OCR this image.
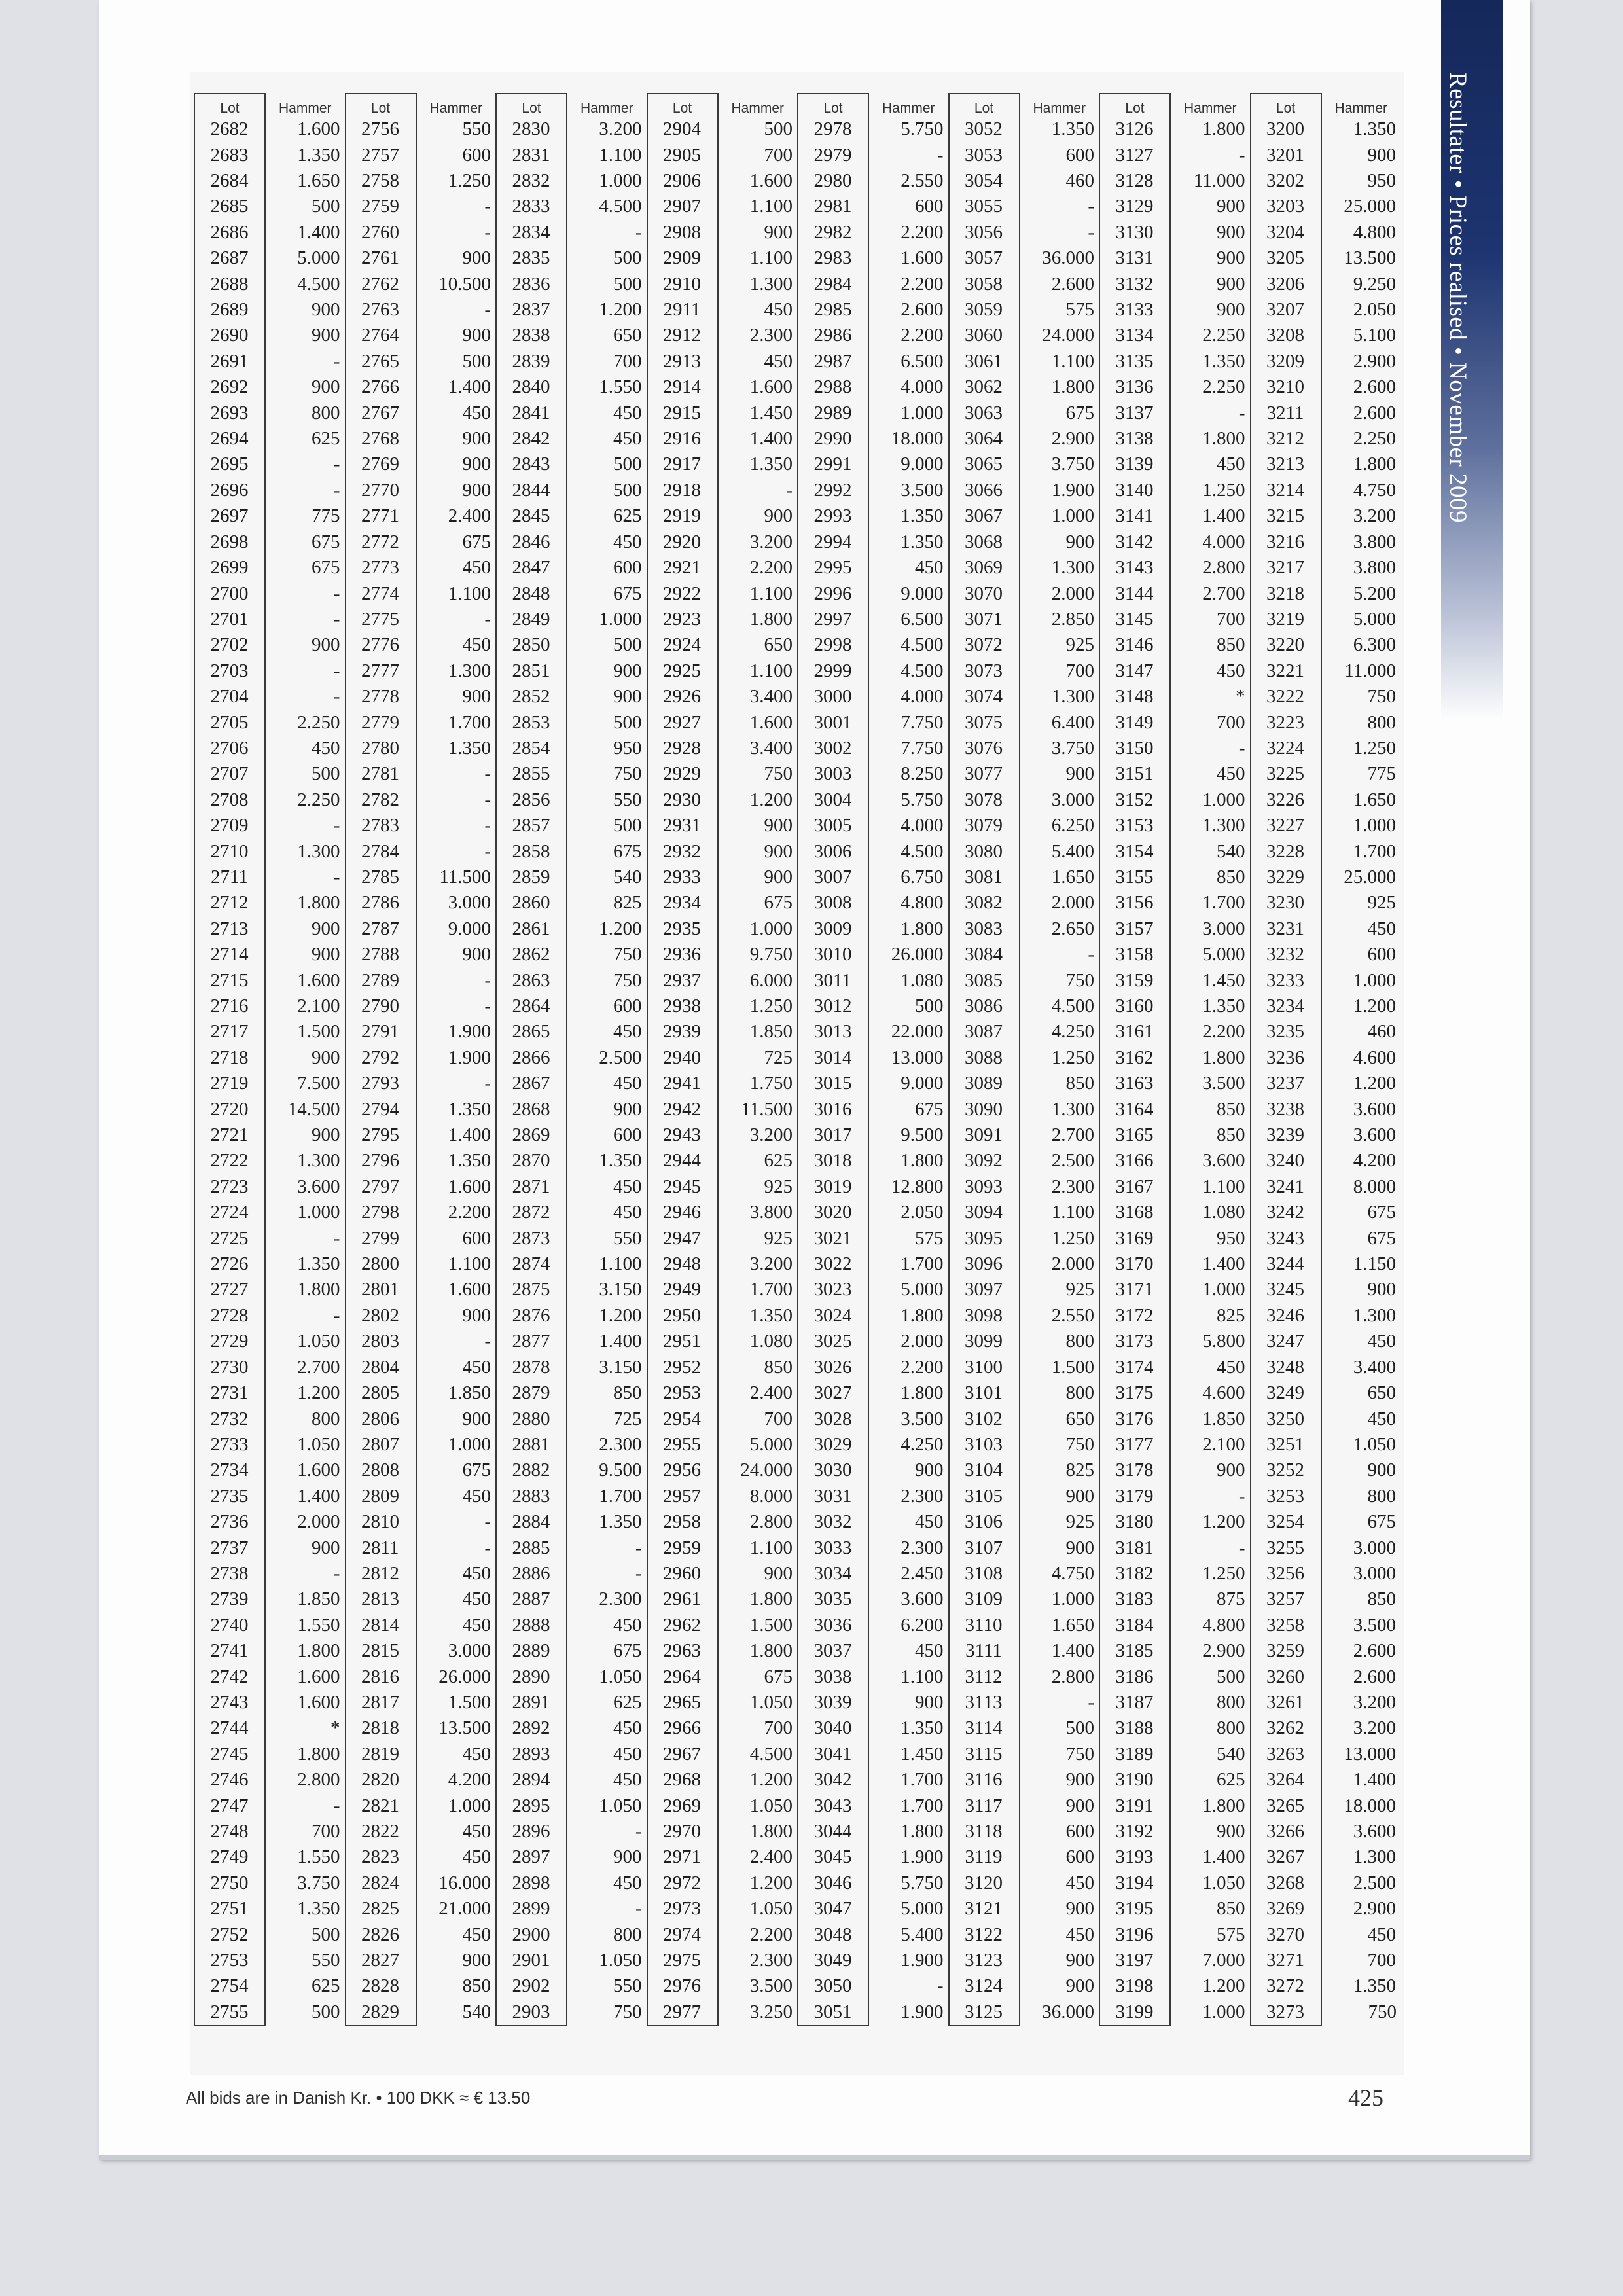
Resultater • Prices realised • November 2009
Lot	Hammer	Lot	Hammer	Lot	Hammer	Lot	Hammer	Lot	Hammer	Lot	Hammer	Lot	Hammer	Lot	Hammer
2682	1.600	2756	550	2830	3.200	2904	500	2978	5.750	3052	1.350	3126	1.800	3200	1.350
2683	1.350	2757	600	2831	1.100	2905	700	2979	-	3053	600	3127	-	3201	900
2684	1.650	2758	1.250	2832	1.000	2906	1.600	2980	2.550	3054	460	3128	11.000	3202	950
2685	500	2759	-	2833	4.500	2907	1.100	2981	600	3055	-	3129	900	3203	25.000
2686	1.400	2760	-	2834	-	2908	900	2982	2.200	3056	-	3130	900	3204	4.800
2687	5.000	2761	900	2835	500	2909	1.100	2983	1.600	3057	36.000	3131	900	3205	13.500
2688	4.500	2762	10.500	2836	500	2910	1.300	2984	2.200	3058	2.600	3132	900	3206	9.250
2689	900	2763	-	2837	1.200	2911	450	2985	2.600	3059	575	3133	900	3207	2.050
2690	900	2764	900	2838	650	2912	2.300	2986	2.200	3060	24.000	3134	2.250	3208	5.100
2691	-	2765	500	2839	700	2913	450	2987	6.500	3061	1.100	3135	1.350	3209	2.900
2692	900	2766	1.400	2840	1.550	2914	1.600	2988	4.000	3062	1.800	3136	2.250	3210	2.600
2693	800	2767	450	2841	450	2915	1.450	2989	1.000	3063	675	3137	-	3211	2.600
2694	625	2768	900	2842	450	2916	1.400	2990	18.000	3064	2.900	3138	1.800	3212	2.250
2695	-	2769	900	2843	500	2917	1.350	2991	9.000	3065	3.750	3139	450	3213	1.800
2696	-	2770	900	2844	500	2918	-	2992	3.500	3066	1.900	3140	1.250	3214	4.750
2697	775	2771	2.400	2845	625	2919	900	2993	1.350	3067	1.000	3141	1.400	3215	3.200
2698	675	2772	675	2846	450	2920	3.200	2994	1.350	3068	900	3142	4.000	3216	3.800
2699	675	2773	450	2847	600	2921	2.200	2995	450	3069	1.300	3143	2.800	3217	3.800
2700	-	2774	1.100	2848	675	2922	1.100	2996	9.000	3070	2.000	3144	2.700	3218	5.200
2701	-	2775	-	2849	1.000	2923	1.800	2997	6.500	3071	2.850	3145	700	3219	5.000
2702	900	2776	450	2850	500	2924	650	2998	4.500	3072	925	3146	850	3220	6.300
2703	-	2777	1.300	2851	900	2925	1.100	2999	4.500	3073	700	3147	450	3221	11.000
2704	-	2778	900	2852	900	2926	3.400	3000	4.000	3074	1.300	3148	*	3222	750
2705	2.250	2779	1.700	2853	500	2927	1.600	3001	7.750	3075	6.400	3149	700	3223	800
2706	450	2780	1.350	2854	950	2928	3.400	3002	7.750	3076	3.750	3150	-	3224	1.250
2707	500	2781	-	2855	750	2929	750	3003	8.250	3077	900	3151	450	3225	775
2708	2.250	2782	-	2856	550	2930	1.200	3004	5.750	3078	3.000	3152	1.000	3226	1.650
2709	-	2783	-	2857	500	2931	900	3005	4.000	3079	6.250	3153	1.300	3227	1.000
2710	1.300	2784	-	2858	675	2932	900	3006	4.500	3080	5.400	3154	540	3228	1.700
2711	-	2785	11.500	2859	540	2933	900	3007	6.750	3081	1.650	3155	850	3229	25.000
2712	1.800	2786	3.000	2860	825	2934	675	3008	4.800	3082	2.000	3156	1.700	3230	925
2713	900	2787	9.000	2861	1.200	2935	1.000	3009	1.800	3083	2.650	3157	3.000	3231	450
2714	900	2788	900	2862	750	2936	9.750	3010	26.000	3084	-	3158	5.000	3232	600
2715	1.600	2789	-	2863	750	2937	6.000	3011	1.080	3085	750	3159	1.450	3233	1.000
2716	2.100	2790	-	2864	600	2938	1.250	3012	500	3086	4.500	3160	1.350	3234	1.200
2717	1.500	2791	1.900	2865	450	2939	1.850	3013	22.000	3087	4.250	3161	2.200	3235	460
2718	900	2792	1.900	2866	2.500	2940	725	3014	13.000	3088	1.250	3162	1.800	3236	4.600
2719	7.500	2793	-	2867	450	2941	1.750	3015	9.000	3089	850	3163	3.500	3237	1.200
2720	14.500	2794	1.350	2868	900	2942	11.500	3016	675	3090	1.300	3164	850	3238	3.600
2721	900	2795	1.400	2869	600	2943	3.200	3017	9.500	3091	2.700	3165	850	3239	3.600
2722	1.300	2796	1.350	2870	1.350	2944	625	3018	1.800	3092	2.500	3166	3.600	3240	4.200
2723	3.600	2797	1.600	2871	450	2945	925	3019	12.800	3093	2.300	3167	1.100	3241	8.000
2724	1.000	2798	2.200	2872	450	2946	3.800	3020	2.050	3094	1.100	3168	1.080	3242	675
2725	-	2799	600	2873	550	2947	925	3021	575	3095	1.250	3169	950	3243	675
2726	1.350	2800	1.100	2874	1.100	2948	3.200	3022	1.700	3096	2.000	3170	1.400	3244	1.150
2727	1.800	2801	1.600	2875	3.150	2949	1.700	3023	5.000	3097	925	3171	1.000	3245	900
2728	-	2802	900	2876	1.200	2950	1.350	3024	1.800	3098	2.550	3172	825	3246	1.300
2729	1.050	2803	-	2877	1.400	2951	1.080	3025	2.000	3099	800	3173	5.800	3247	450
2730	2.700	2804	450	2878	3.150	2952	850	3026	2.200	3100	1.500	3174	450	3248	3.400
2731	1.200	2805	1.850	2879	850	2953	2.400	3027	1.800	3101	800	3175	4.600	3249	650
2732	800	2806	900	2880	725	2954	700	3028	3.500	3102	650	3176	1.850	3250	450
2733	1.050	2807	1.000	2881	2.300	2955	5.000	3029	4.250	3103	750	3177	2.100	3251	1.050
2734	1.600	2808	675	2882	9.500	2956	24.000	3030	900	3104	825	3178	900	3252	900
2735	1.400	2809	450	2883	1.700	2957	8.000	3031	2.300	3105	900	3179	-	3253	800
2736	2.000	2810	-	2884	1.350	2958	2.800	3032	450	3106	925	3180	1.200	3254	675
2737	900	2811	-	2885	-	2959	1.100	3033	2.300	3107	900	3181	-	3255	3.000
2738	-	2812	450	2886	-	2960	900	3034	2.450	3108	4.750	3182	1.250	3256	3.000
2739	1.850	2813	450	2887	2.300	2961	1.800	3035	3.600	3109	1.000	3183	875	3257	850
2740	1.550	2814	450	2888	450	2962	1.500	3036	6.200	3110	1.650	3184	4.800	3258	3.500
2741	1.800	2815	3.000	2889	675	2963	1.800	3037	450	3111	1.400	3185	2.900	3259	2.600
2742	1.600	2816	26.000	2890	1.050	2964	675	3038	1.100	3112	2.800	3186	500	3260	2.600
2743	1.600	2817	1.500	2891	625	2965	1.050	3039	900	3113	-	3187	800	3261	3.200
2744	*	2818	13.500	2892	450	2966	700	3040	1.350	3114	500	3188	800	3262	3.200
2745	1.800	2819	450	2893	450	2967	4.500	3041	1.450	3115	750	3189	540	3263	13.000
2746	2.800	2820	4.200	2894	450	2968	1.200	3042	1.700	3116	900	3190	625	3264	1.400
2747	-	2821	1.000	2895	1.050	2969	1.050	3043	1.700	3117	900	3191	1.800	3265	18.000
2748	700	2822	450	2896	-	2970	1.800	3044	1.800	3118	600	3192	900	3266	3.600
2749	1.550	2823	450	2897	900	2971	2.400	3045	1.900	3119	600	3193	1.400	3267	1.300
2750	3.750	2824	16.000	2898	450	2972	1.200	3046	5.750	3120	450	3194	1.050	3268	2.500
2751	1.350	2825	21.000	2899	-	2973	1.050	3047	5.000	3121	900	3195	850	3269	2.900
2752	500	2826	450	2900	800	2974	2.200	3048	5.400	3122	450	3196	575	3270	450
2753	550	2827	900	2901	1.050	2975	2.300	3049	1.900	3123	900	3197	7.000	3271	700
2754	625	2828	850	2902	550	2976	3.500	3050	-	3124	900	3198	1.200	3272	1.350
2755	500	2829	540	2903	750	2977	3.250	3051	1.900	3125	36.000	3199	1.000	3273	750
All bids are in Danish Kr. • 100 DKK ≈ € 13.50	425
